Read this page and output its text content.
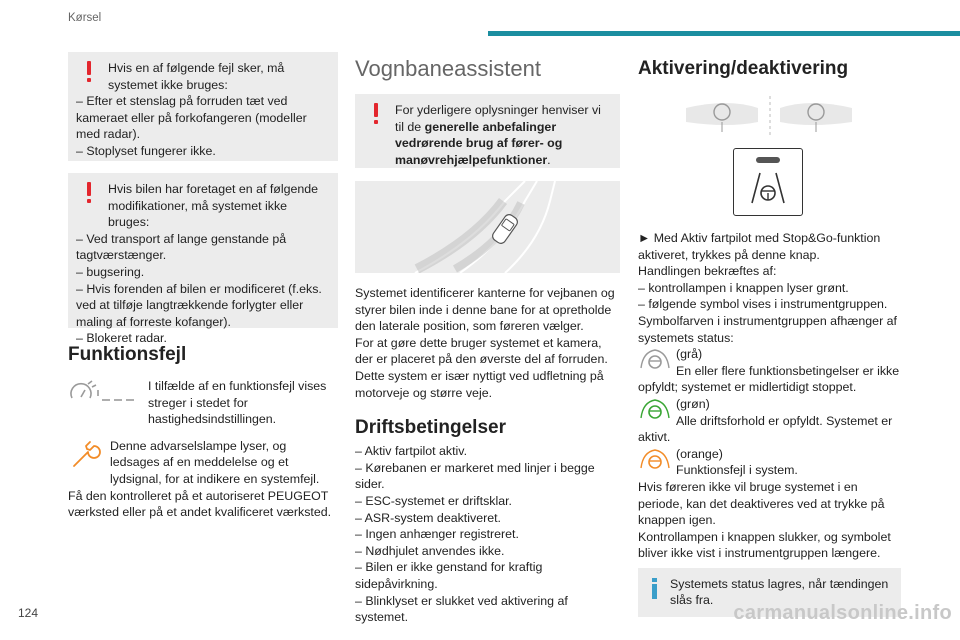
Kørsel
Hvis en af følgende fejl sker, må systemet ikke bruges:
– Efter et stenslag på forruden tæt ved kameraet eller på forkofangeren (modeller med radar).
– Stoplyset fungerer ikke.
Hvis bilen har foretaget en af følgende modifikationer, må systemet ikke bruges:
– Ved transport af lange genstande på tagtværstænger.
– bugsering.
– Hvis forenden af bilen er modificeret (f.eks. ved at tilføje langtrækkende forlygter eller maling af forreste kofanger).
– Blokeret radar.
Funktionsfejl
I tilfælde af en funktionsfejl vises streger i stedet for hastighedsindstillingen.
Denne advarselslampe lyser, og ledsages af en meddelelse og et lydsignal, for at indikere en systemfejl.
Få den kontrolleret på et autoriseret PEUGEOT værksted eller på et andet kvalificeret værksted.
Vognbaneassistent
For yderligere oplysninger henviser vi til de generelle anbefalinger vedrørende brug af fører- og manøvrehjælpefunktioner.
Systemet identificerer kanterne for vejbanen og styrer bilen inde i denne bane for at opretholde den laterale position, som føreren vælger.
For at gøre dette bruger systemet et kamera, der er placeret på den øverste del af forruden.
Dette system er især nyttigt ved udfletning på motorveje og større veje.
Driftsbetingelser
– Aktiv fartpilot aktiv.
– Kørebanen er markeret med linjer i begge sider.
– ESC-systemet er driftsklar.
– ASR-system deaktiveret.
– Ingen anhænger registreret.
– Nødhjulet anvendes ikke.
– Bilen er ikke genstand for kraftig sidepåvirkning.
– Blinklyset er slukket ved aktivering af systemet.
Aktivering/deaktivering
► Med Aktiv fartpilot med Stop&Go-funktion aktiveret, trykkes på denne knap.
Handlingen bekræftes af:
– kontrollampen i knappen lyser grønt.
– følgende symbol vises i instrumentgruppen.
Symbolfarven i instrumentgruppen afhænger af systemets status:
(grå)
En eller flere funktionsbetingelser er ikke opfyldt; systemet er midlertidigt stoppet.
(grøn)
Alle driftsforhold er opfyldt. Systemet er aktivt.
(orange)
Funktionsfejl i system.
Hvis føreren ikke vil bruge systemet i en periode, kan det deaktiveres ved at trykke på knappen igen.
Kontrollampen i knappen slukker, og symbolet bliver ikke vist i instrumentgruppen længere.
Systemets status lagres, når tændingen slås fra.
124	carmanualsonline.info
